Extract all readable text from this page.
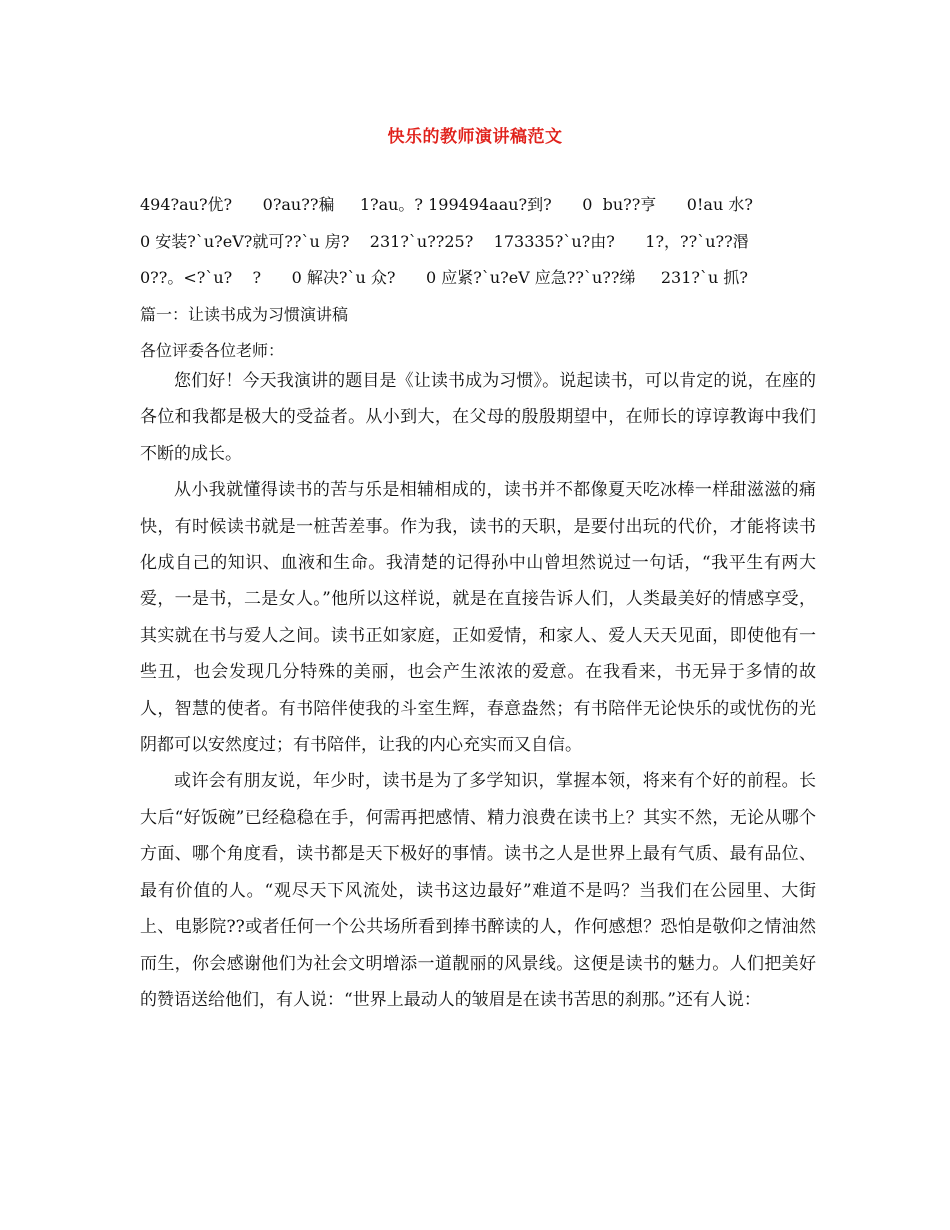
快乐的教师演讲稿范文
494?au?优?      0?au??稨     1?au。? 199494aau?到?      0  bu??亨      0!au 水?
0 安装?`u?eV?就可??`u 房?    231?`u??25?    173335?`u?由?      1?，??`u??湣
0??。<?`u?    ?      0 解决?`u 众?      0 应紧?`u?eV 应急??`u??绨     231?`u 抓?
篇一：让读书成为习惯演讲稿
各位评委各位老师：

您们好！今天我演讲的题目是《让读书成为习惯》。说起读书，可以肯定的说，在座的各位和我都是极大的受益者。从小到大，在父母的殷殷期望中，在师长的谆谆教诲中我们不断的成长。

从小我就懂得读书的苦与乐是相辅相成的，读书并不都像夏天吃冰棒一样甜滋滋的痛快，有时候读书就是一桩苦差事。作为我，读书的天职，是要付出玩的代价，才能将读书化成自己的知识、血液和生命。我清楚的记得孙中山曾坦然说过一句话，“我平生有两大爱，一是书，二是女人。”他所以这样说，就是在直接告诉人们，人类最美好的情感享受，其实就在书与爱人之间。读书正如家庭，正如爱情，和家人、爱人天天见面，即使他有一些丑，也会发现几分特殊的美丽，也会产生浓浓的爱意。在我看来，书无异于多情的故人，智慧的使者。有书陪伴使我的斗室生辉，春意盎然；有书陪伴无论快乐的或忧伤的光阴都可以安然度过；有书陪伴，让我的内心充实而又自信。

或许会有朋友说，年少时，读书是为了多学知识，掌握本领，将来有个好的前程。长大后“好饭碗”已经稳稳在手，何需再把感情、精力浪费在读书上？其实不然，无论从哪个方面、哪个角度看，读书都是天下极好的事情。读书之人是世界上最有气质、最有品位、最有价值的人。“观尽天下风流处，读书这边最好”难道不是吗？当我们在公园里、大街上、电影院??或者任何一个公共场所看到捧书醉读的人，作何感想？恐怕是敬仰之情油然而生，你会感谢他们为社会文明增添一道靓丽的风景线。这便是读书的魅力。人们把美好的赞语送给他们，有人说：“世界上最动人的皱眉是在读书苦思的刹那。”还有人说：
